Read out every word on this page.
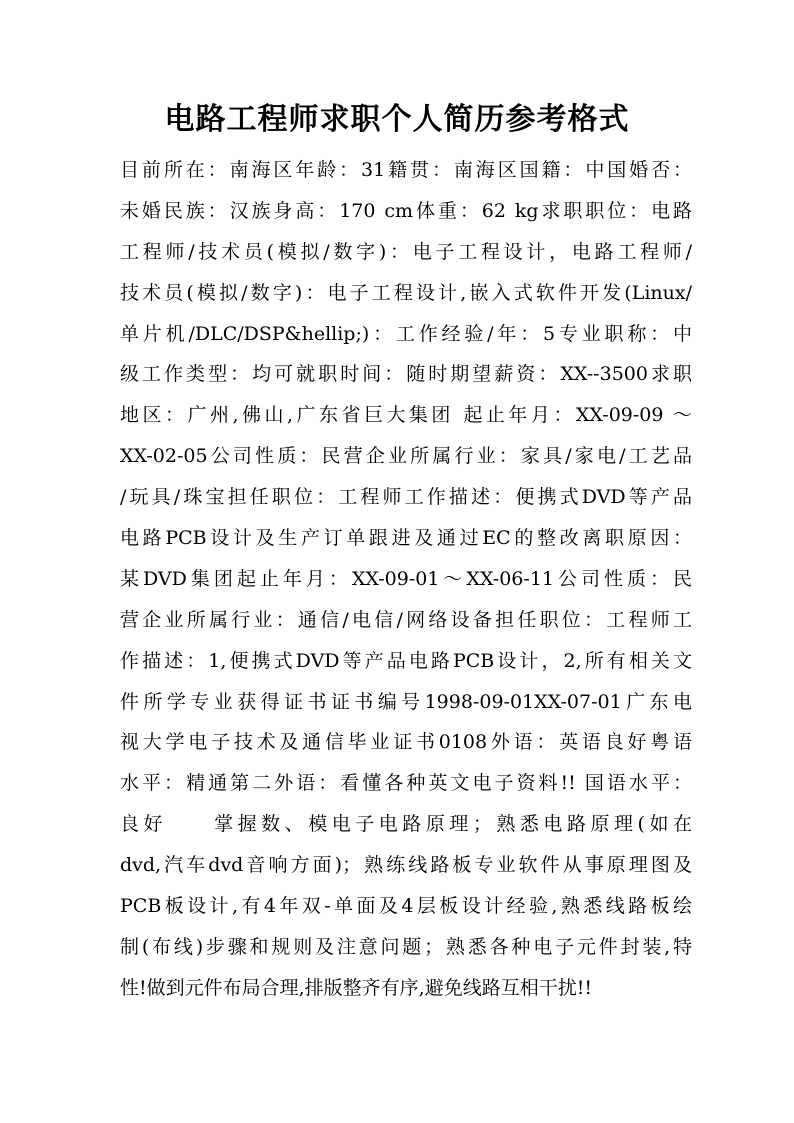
电路工程师求职个人简历参考格式
目前所在：南海区年龄：31籍贯：南海区国籍：中国婚否：
未婚民族：汉族身高：170 cm体重：62 kg求职职位：电路
工程师/技术员(模拟/数字)：电子工程设计，电路工程师/
技术员(模拟/数字)：电子工程设计,嵌入式软件开发(Linux/
单片机/DLC/DSP&hellip;)：工作经验/年：5专业职称：中
级工作类型：均可就职时间：随时期望薪资：XX--3500求职
地区：广州,佛山,广东省巨大集团 起止年月：XX-09-09 ～
XX-02-05公司性质：民营企业所属行业：家具/家电/工艺品
/玩具/珠宝担任职位：工程师工作描述：便携式DVD等产品
电路PCB设计及生产订单跟进及通过EC的整改离职原因：
某DVD集团起止年月：XX-09-01～XX-06-11公司性质：民
营企业所属行业：通信/电信/网络设备担任职位：工程师工
作描述：1,便携式DVD等产品电路PCB设计，2,所有相关文
件所学专业获得证书证书编号1998-09-01XX-07-01广东电
视大学电子技术及通信毕业证书0108外语：英语良好粤语
水平：精通第二外语：看懂各种英文电子资料!! 国语水平：
良好　　掌握数、模电子电路原理；熟悉电路原理(如在
dvd,汽车dvd音响方面)；熟练线路板专业软件从事原理图及
PCB板设计,有4年双-单面及4层板设计经验,熟悉线路板绘
制(布线)步骤和规则及注意问题；熟悉各种电子元件封装,特
性!做到元件布局合理,排版整齐有序,避免线路互相干扰!!
